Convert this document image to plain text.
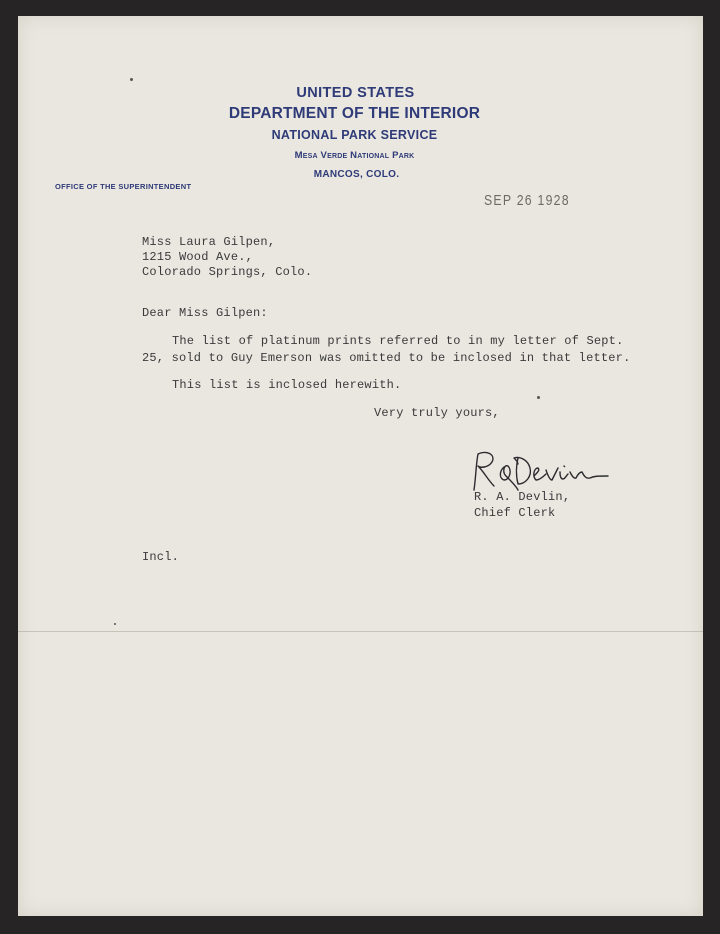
UNITED STATES
DEPARTMENT OF THE INTERIOR
NATIONAL PARK SERVICE
Mesa Verde National Park
MANCOS, COLO.
OFFICE OF THE SUPERINTENDENT
SEP 26 1928
Miss Laura Gilpen,
1215 Wood Ave.,
Colorado Springs, Colo.
Dear Miss Gilpen:
The list of platinum prints referred to in my letter of Sept.
25, sold to Guy Emerson was omitted to be inclosed in that letter.
This list is inclosed herewith.
Very truly yours,
R. A. Devlin,
Chief Clerk
Incl.
